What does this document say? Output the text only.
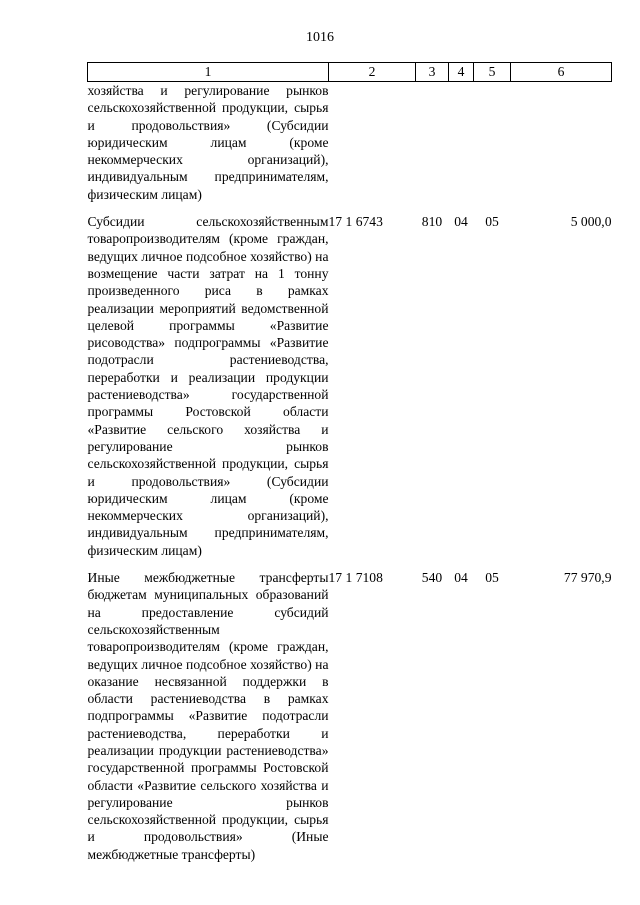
1016
1	2	3	4	5	6

хозяйства и регулирование рынков сельскохозяйственной продукции, сырья и продовольствия» (Субсидии юридическим лицам (кроме некоммерческих организаций), индивидуальным предпринимателям, физическим лицам)					

Субсидии сельскохозяйственным товаропроизводителям (кроме граждан, ведущих личное подсобное хозяйство) на возмещение части затрат на 1 тонну произведенного риса в рамках реализации мероприятий ведомственной целевой программы «Развитие рисоводства» подпрограммы «Развитие подотрасли растениеводства, переработки и реализации продукции растениеводства» государственной программы Ростовской области «Развитие сельского хозяйства и регулирование рынков сельскохозяйственной продукции, сырья и продовольствия» (Субсидии юридическим лицам (кроме некоммерческих организаций), индивидуальным предпринимателям, физическим лицам)	17 1 6743	810	04	05	5 000,0

Иные межбюджетные трансферты бюджетам муниципальных образований на предоставление субсидий сельскохозяйственным товаропроизводителям (кроме граждан, ведущих личное подсобное хозяйство) на оказание несвязанной поддержки в области растениеводства в рамках подпрограммы «Развитие подотрасли растениеводства, переработки и реализации продукции растениеводства» государственной программы Ростовской области «Развитие сельского хозяйства и регулирование рынков сельскохозяйственной продукции, сырья и продовольствия» (Иные межбюджетные трансферты)	17 1 7108	540	04	05	77 970,9
